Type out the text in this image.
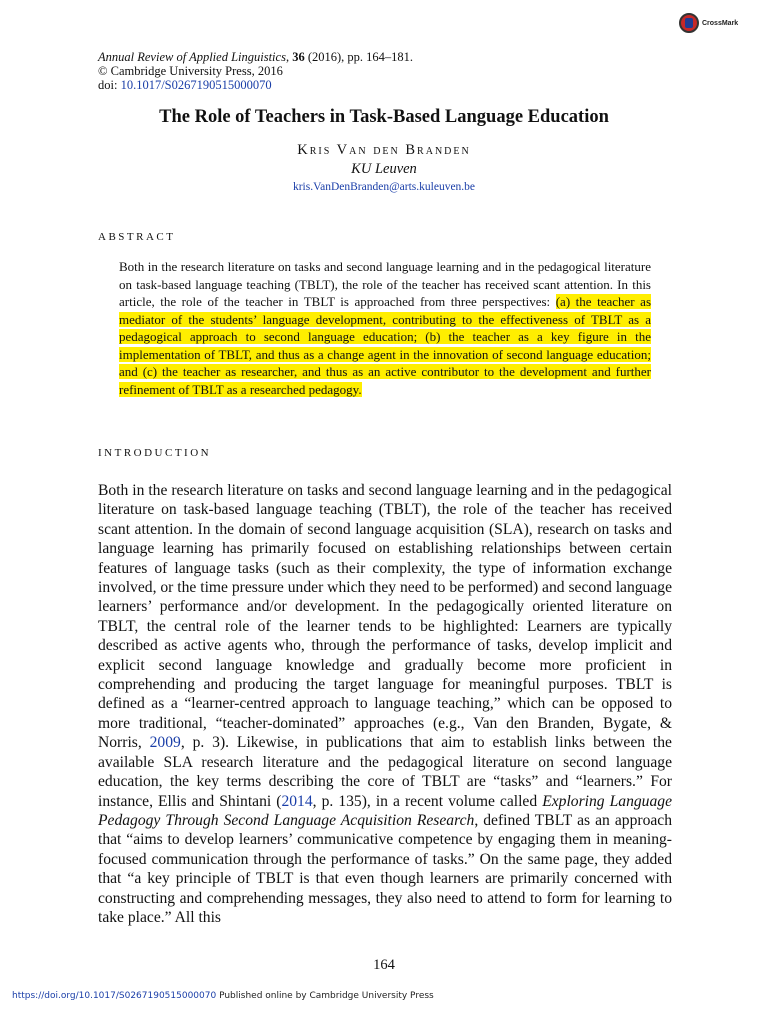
CrossMark
Annual Review of Applied Linguistics, 36 (2016), pp. 164–181.
© Cambridge University Press, 2016
doi: 10.1017/S0267190515000070
The Role of Teachers in Task-Based Language Education
Kris Van den Branden
KU Leuven
kris.VanDenBranden@arts.kuleuven.be
ABSTRACT
Both in the research literature on tasks and second language learning and in the pedagogical literature on task-based language teaching (TBLT), the role of the teacher has received scant attention. In this article, the role of the teacher in TBLT is approached from three perspectives: (a) the teacher as mediator of the students’ language development, contributing to the effectiveness of TBLT as a pedagogical approach to second language education; (b) the teacher as a key figure in the implementation of TBLT, and thus as a change agent in the innovation of second language education; and (c) the teacher as researcher, and thus as an active contributor to the development and further refinement of TBLT as a researched pedagogy.
INTRODUCTION

Both in the research literature on tasks and second language learning and in the pedagogical literature on task-based language teaching (TBLT), the role of the teacher has received scant attention. In the domain of second language acquisition (SLA), research on tasks and language learning has primarily focused on establishing relationships between certain features of language tasks (such as their complexity, the type of information exchange involved, or the time pressure under which they need to be performed) and second language learners’ performance and/or development. In the pedagogically oriented literature on TBLT, the central role of the learner tends to be highlighted: Learners are typically described as active agents who, through the performance of tasks, develop implicit and explicit second language knowledge and gradually become more proficient in comprehending and producing the target language for meaningful purposes. TBLT is defined as a “learner-centred approach to language teaching,” which can be opposed to more traditional, “teacher-dominated” approaches (e.g., Van den Branden, Bygate, & Norris, 2009, p. 3). Likewise, in publications that aim to establish links between the available SLA research literature and the pedagogical literature on second language education, the key terms describing the core of TBLT are “tasks” and “learners.” For instance, Ellis and Shintani (2014, p. 135), in a recent volume called Exploring Language Pedagogy Through Second Language Acquisition Research, defined TBLT as an approach that “aims to develop learners’ communicative competence by engaging them in meaning-focused communication through the performance of tasks.” On the same page, they added that “a key principle of TBLT is that even though learners are primarily concerned with constructing and comprehending messages, they also need to attend to form for learning to take place.” All this

164
https://doi.org/10.1017/S0267190515000070 Published online by Cambridge University Press
